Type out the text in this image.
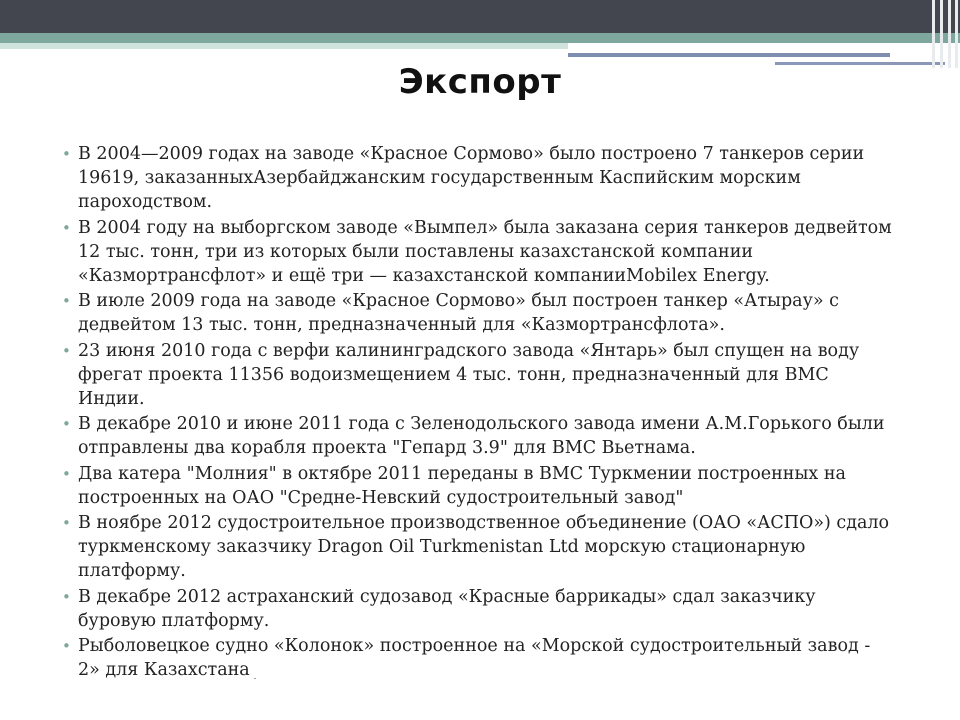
Экспорт
• В 2004—2009 годах на заводе «Красное Сормово» было построено 7 танкеров серии 19619, заказанныхАзербайджанским государственным Каспийским морским пароходством.
• В 2004 году на выборгском заводе «Вымпел» была заказана серия танкеров дедвейтом 12 тыс. тонн, три из которых были поставлены казахстанской компании «Казмортрансфлот» и ещё три — казахстанской компанииMobilex Energy.
• В июле 2009 года на заводе «Красное Сормово» был построен танкер «Атырау» с дедвейтом 13 тыс. тонн, предназначенный для «Казмортрансфлота».
• 23 июня 2010 года с верфи калининградского завода «Янтарь» был спущен на воду фрегат проекта 11356 водоизмещением 4 тыс. тонн, предназначенный для ВМС Индии.
• В декабре 2010 и июне 2011 года с Зеленодольского завода имени А.М.Горького были отправлены два корабля проекта "Гепард 3.9" для ВМС Вьетнама.
• Два катера "Молния" в октябре 2011 переданы в ВМС Туркмении построенных на построенных на ОАО "Средне-Невский судостроительный завод"
• В ноябре 2012 судостроительное производственное объединение (ОАО «АСПО») сдало туркменскому заказчику Dragon Oil Turkmenistan Ltd морскую стационарную платформу.
• В декабре 2012 астраханский судозавод «Красные баррикады» сдал заказчику буровую платформу.
• Рыболовецкое судно «Колонок» построенное на «Морской судостроительный завод - 2» для Казахстана $_.$
